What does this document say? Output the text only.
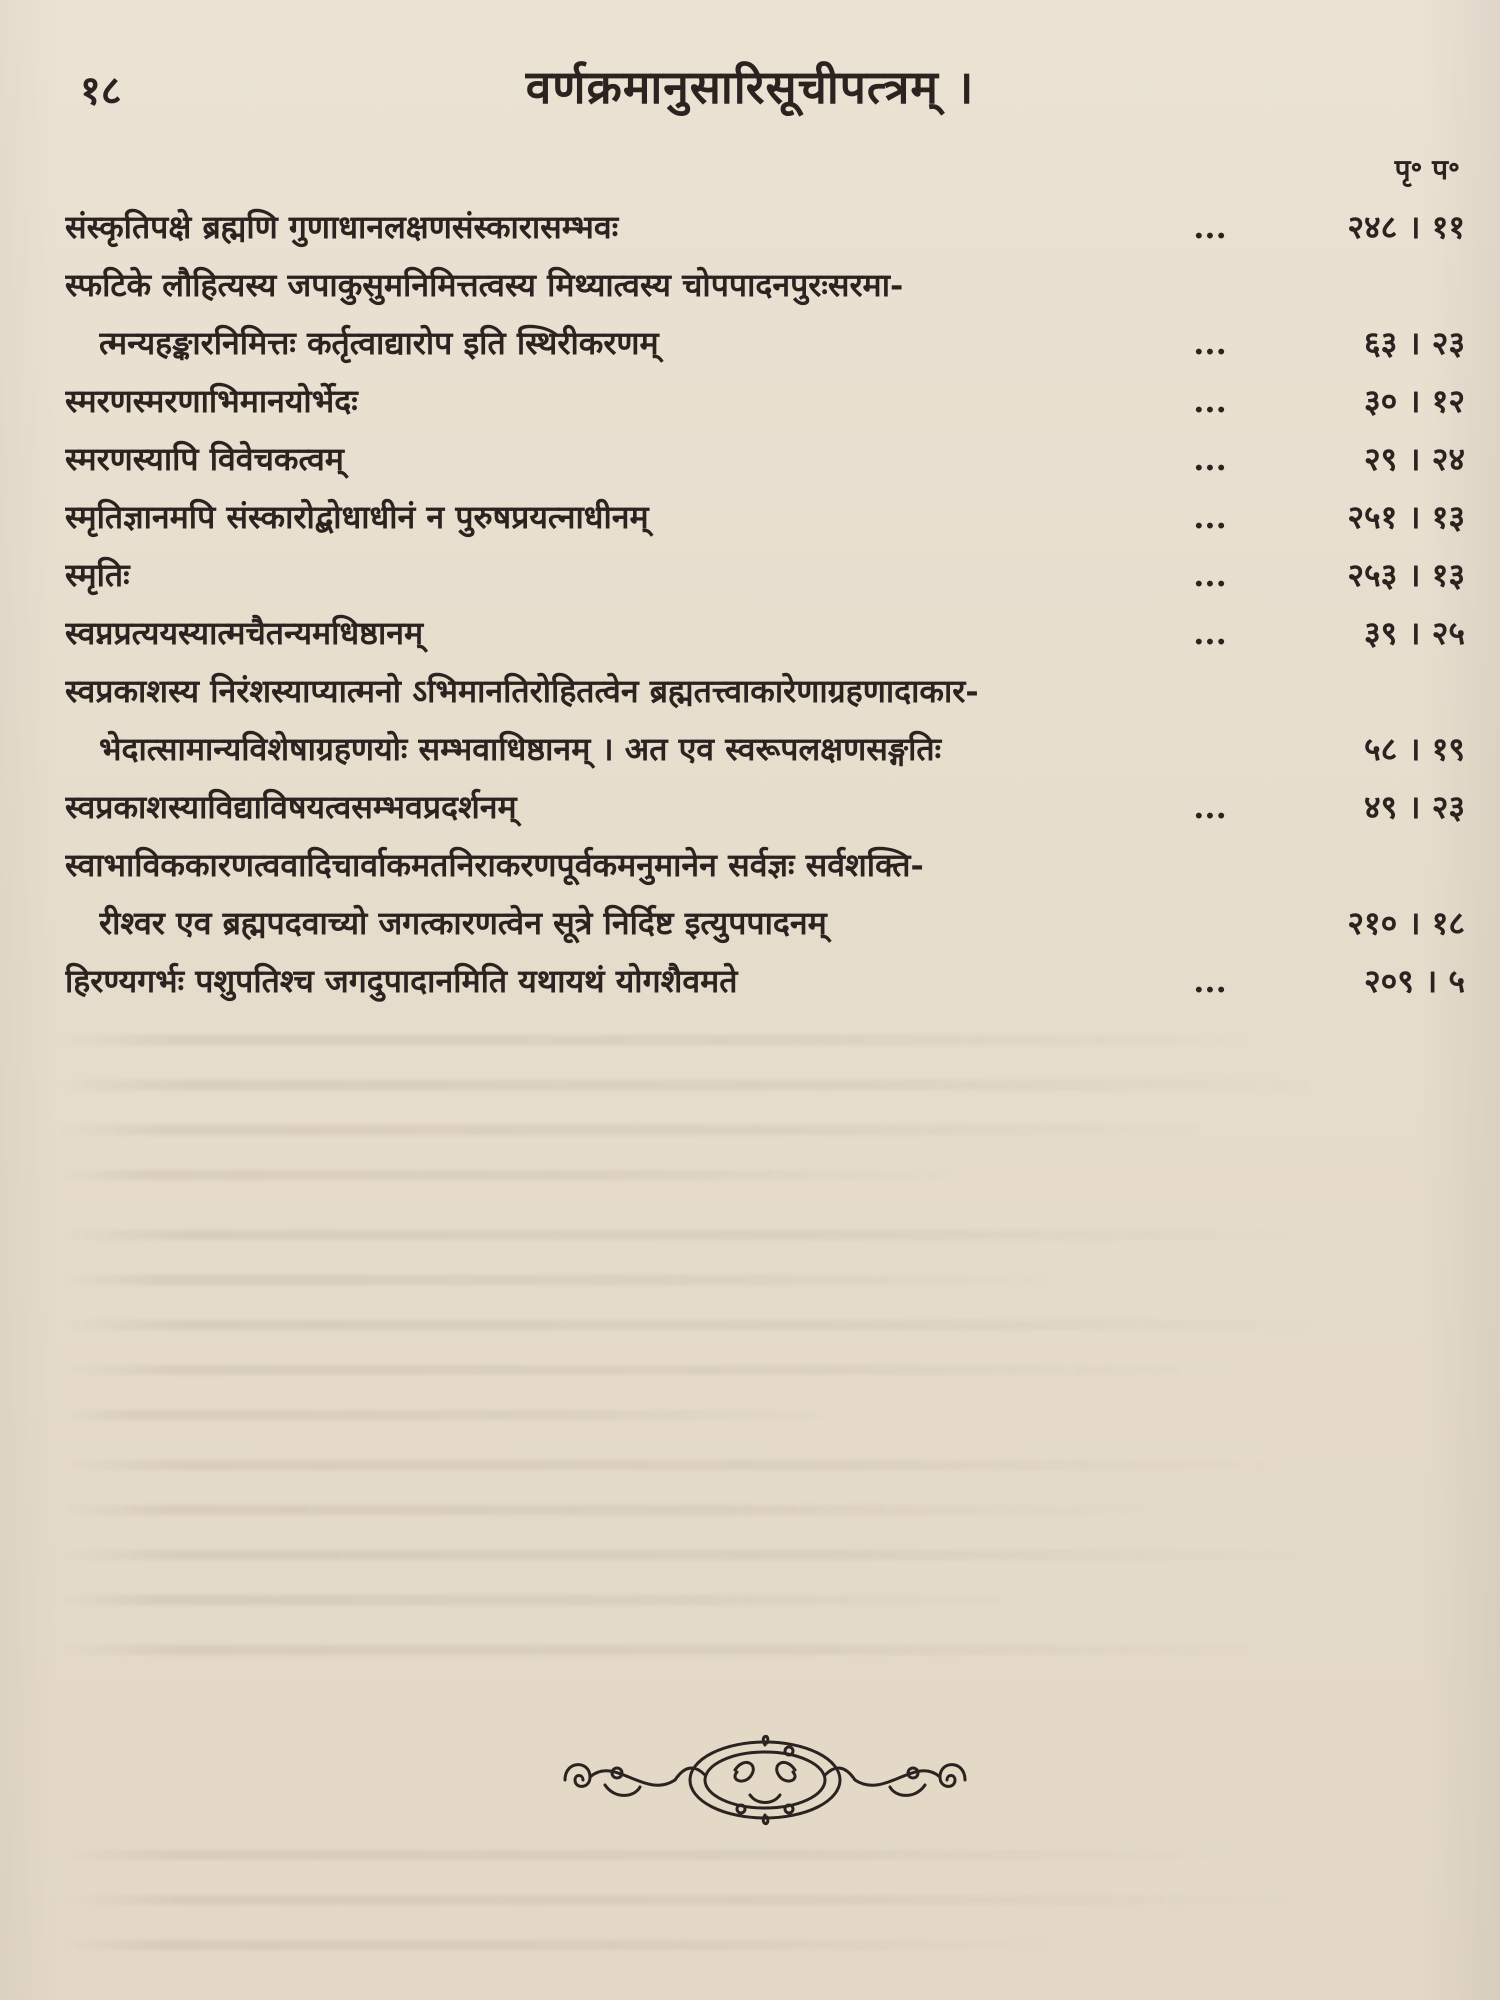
१८	वर्णक्रमानुसारिसूचीपत्त्रम् ।
पृ॰ प॰
संस्कृतिपक्षे ब्रह्मणि गुणाधानलक्षणसंस्कारासम्भवः	...	२४८ । ११
स्फटिके लौहित्यस्य जपाकुसुमनिमित्तत्वस्य मिथ्यात्वस्य चोपपादनपुरःसरमा-
त्मन्यहङ्कारनिमित्तः कर्तृत्वाद्यारोप इति स्थिरीकरणम्	...	६३ । २३
स्मरणस्मरणाभिमानयोर्भेदः	...	३० । १२
स्मरणस्यापि विवेचकत्वम्	...	२९ । २४
स्मृतिज्ञानमपि संस्कारोद्बोधाधीनं न पुरुषप्रयत्नाधीनम्	...	२५१ । १३
स्मृतिः	...	२५३ । १३
स्वप्नप्रत्ययस्यात्मचैतन्यमधिष्ठानम्	...	३९ । २५
स्वप्रकाशस्य निरंशस्याप्यात्मनो ऽभिमानतिरोहितत्वेन ब्रह्मतत्त्वाकारेणाग्रहणादाकार-
भेदात्सामान्यविशेषाग्रहणयोः सम्भवाधिष्ठानम् । अत एव स्वरूपलक्षणसङ्गतिः	५८ । १९
स्वप्रकाशस्याविद्याविषयत्वसम्भवप्रदर्शनम्	...	४९ । २३
स्वाभाविककारणत्ववादिचार्वाकमतनिराकरणपूर्वकमनुमानेन सर्वज्ञः सर्वशक्ति-
रीश्वर एव ब्रह्मपदवाच्यो जगत्कारणत्वेन सूत्रे निर्दिष्ट इत्युपपादनम्	२१० । १८
हिरण्यगर्भः पशुपतिश्च जगदुपादानमिति यथायथं योगशैवमते	...	२०९ । ५
